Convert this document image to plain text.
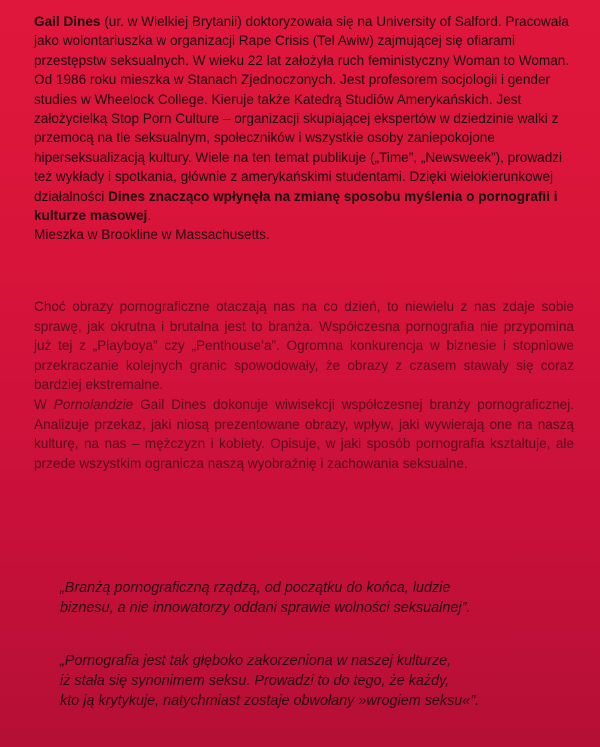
Gail Dines (ur. w Wielkiej Brytanii) doktoryzowała się na University of Salford. Pracowała jako wolontariuszka w organizacji Rape Crisis (Tel Awiw) zajmującej się ofiarami przestępstw seksualnych. W wieku 22 lat założyła ruch feministyczny Woman to Woman.

Od 1986 roku mieszka w Stanach Zjednoczonych. Jest profesorem socjologii i gender studies w Wheelock College. Kieruje także Katedrą Studiów Amerykańskich. Jest założycielką Stop Porn Culture – organizacji skupiającej ekspertów w dziedzinie walki z przemocą na tle seksualnym, społeczników i wszystkie osoby zaniepokojone hiperseksualizacją kultury. Wiele na ten temat publikuje („Time”, „Newsweek”), prowadzi też wykłady i spotkania, głównie z amerykańskimi studentami. Dzięki wielokierunkowej działalności Dines znacząco wpłynęła na zmianę sposobu myślenia o pornografii i kulturze masowej.

Mieszka w Brookline w Massachusetts.

Choć obrazy pornograficzne otaczają nas na co dzień, to niewielu z nas zdaje sobie sprawę, jak okrutna i brutalna jest to branża. Współczesna pornografia nie przypomina już tej z „Playboya” czy „Penthouse’a”. Ogromna konkurencja w biznesie i stopniowe przekraczanie kolejnych granic spowodowały, że obrazy z czasem stawały się coraz bardziej ekstremalne.

W Pornolandzie Gail Dines dokonuje wiwisekcji współczesnej branży pornograficznej. Analizuje przekaz, jaki niosą prezentowane obrazy, wpływ, jaki wywierają one na naszą kulturę, na nas – mężczyzn i kobiety. Opisuje, w jaki sposób pornografia kształtuje, ale przede wszystkim ogranicza naszą wyobraźnię i zachowania seksualne.

„Branżą pornograficzną rządzą, od początku do końca, ludzie

biznesu, a nie innowatorzy oddani sprawie wolności seksualnej”.

„Pornografia jest tak głęboko zakorzeniona w naszej kulturze,

iż stała się synonimem seksu. Prowadzi to do tego, że każdy,

kto ją krytykuje, natychmiast zostaje obwołany »wrogiem seksu«”.
